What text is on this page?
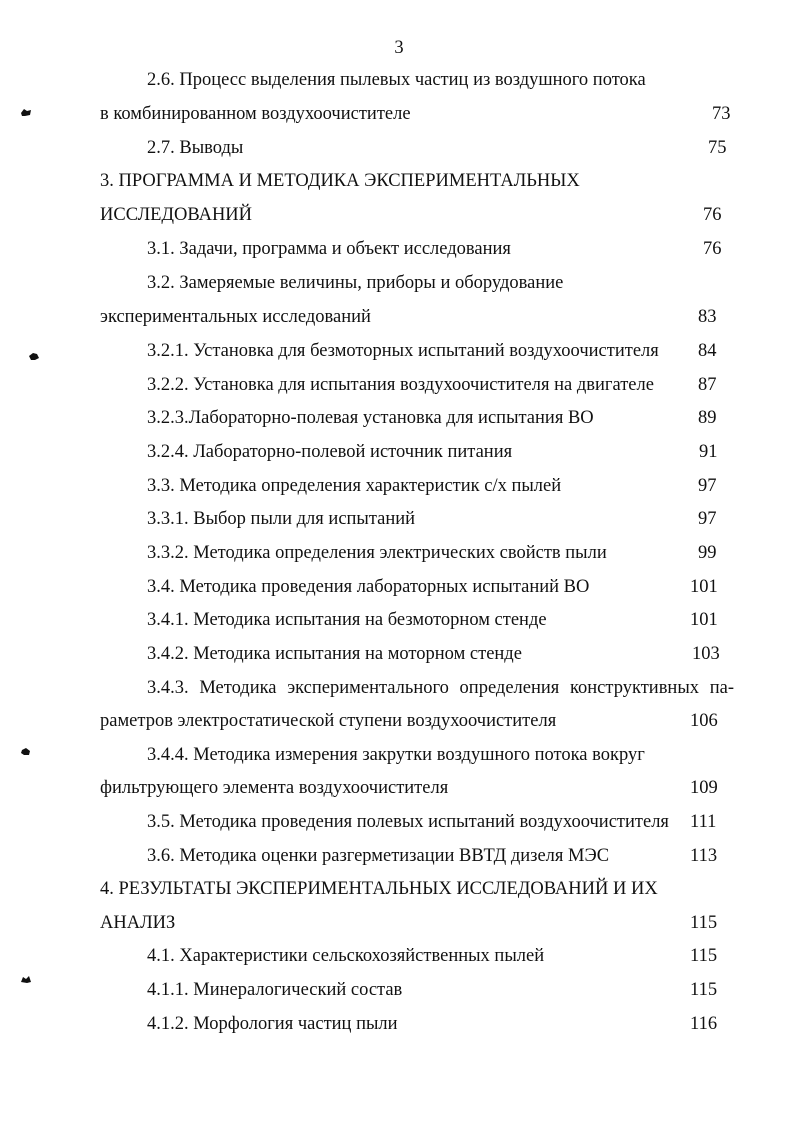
3
2.6. Процесс выделения пылевых частиц из воздушного потока
в комбинированном воздухоочистителе	73
2.7. Выводы	75
3. ПРОГРАММА И МЕТОДИКА ЭКСПЕРИМЕНТАЛЬНЫХ
ИССЛЕДОВАНИЙ	76
3.1. Задачи, программа и объект исследования	76
3.2. Замеряемые величины, приборы и оборудование
экспериментальных исследований	83
3.2.1. Установка для безмоторных испытаний воздухоочистителя 84
3.2.2. Установка для испытания воздухоочистителя на двигателе 87
3.2.3.Лабораторно-полевая установка для испытания ВО	89
3.2.4. Лабораторно-полевой источник питания	91
3.3. Методика определения характеристик с/х пылей	97
3.3.1. Выбор пыли для испытаний	97
3.3.2. Методика определения электрических свойств пыли	99
3.4. Методика проведения лабораторных испытаний ВО	101
3.4.1. Методика испытания на безмоторном стенде	101
3.4.2. Методика испытания на моторном стенде	103
3.4.3. Методика экспериментального определения конструктивных па-
раметров электростатической ступени воздухоочистителя	106
3.4.4. Методика измерения закрутки воздушного потока вокруг
фильтрующего элемента воздухоочистителя	109
3.5. Методика проведения полевых испытаний воздухоочистителя 111
3.6. Методика оценки разгерметизации ВВТД дизеля МЭС	113
4. РЕЗУЛЬТАТЫ ЭКСПЕРИМЕНТАЛЬНЫХ ИССЛЕДОВАНИЙ И ИХ
АНАЛИЗ	115
4.1. Характеристики сельскохозяйственных пылей	115
4.1.1. Минералогический состав	115
4.1.2. Морфология частиц пыли	116
